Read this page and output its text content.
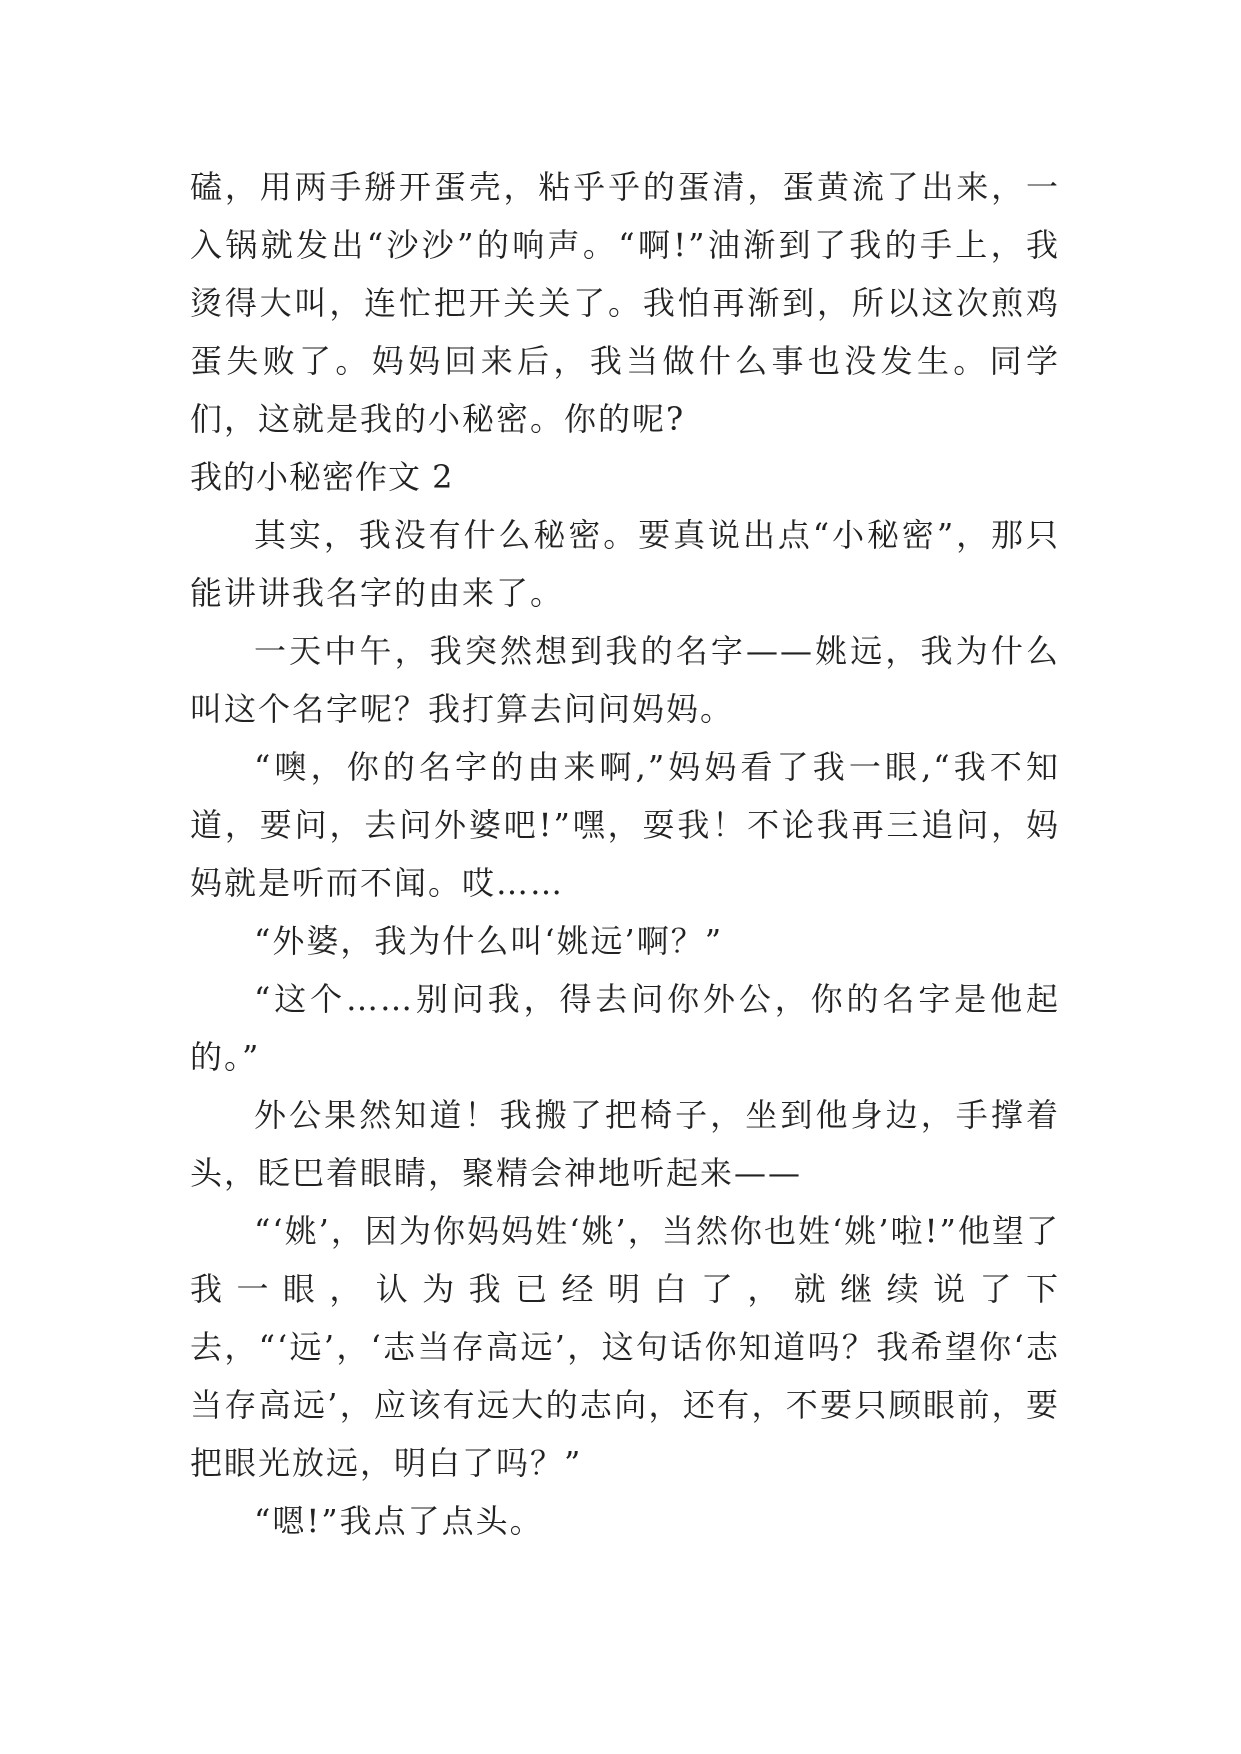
磕，用两手掰开蛋壳，粘乎乎的蛋清，蛋黄流了出来，一入锅就发出“沙沙”的响声。“啊!”油渐到了我的手上，我烫得大叫，连忙把开关关了。我怕再渐到，所以这次煎鸡蛋失败了。妈妈回来后，我当做什么事也没发生。同学们，这就是我的小秘密。你的呢?

我的小秘密作文 2

其实，我没有什么秘密。要真说出点“小秘密”，那只能讲讲我名字的由来了。

一天中午，我突然想到我的名字——姚远，我为什么叫这个名字呢？我打算去问问妈妈。

“噢，你的名字的由来啊,”妈妈看了我一眼,“我不知道，要问，去问外婆吧!”嘿，耍我！不论我再三追问，妈妈就是听而不闻。哎……

“外婆，我为什么叫‘姚远’啊？”

“这个……别问我，得去问你外公，你的名字是他起的。”

外公果然知道！我搬了把椅子，坐到他身边，手撑着头，眨巴着眼睛，聚精会神地听起来——

“‘姚’，因为你妈妈姓‘姚’，当然你也姓‘姚’啦!”他望了我一眼，认为我已经明白了，就继续说了下去，“‘远’，‘志当存高远’，这句话你知道吗？我希望你‘志当存高远’，应该有远大的志向，还有，不要只顾眼前，要把眼光放远，明白了吗？”

“嗯!”我点了点头。
